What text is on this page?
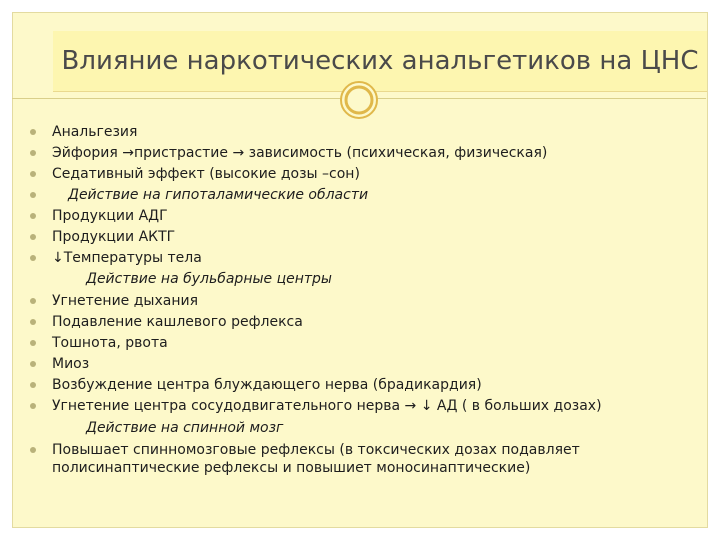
Влияние наркотических анальгетиков на ЦНС
Анальгезия
Эйфория →пристрастие → зависимость (психическая, физическая)
Седативный эффект (высокие дозы –сон)
Действие на гипоталамические области
Продукции АДГ
Продукции АКТГ
↓Температуры тела
Действие на бульбарные центры
Угнетение дыхания
Подавление кашлевого рефлекса
Тошнота, рвота
Миоз
Возбуждение центра блуждающего нерва (брадикардия)
Угнетение центра сосудодвигательного нерва → ↓ АД ( в больших дозах)
Действие на спинной мозг
Повышает спинномозговые рефлексы (в токсических дозах подавляет полисинаптические рефлексы и повышиет моносинаптические)
